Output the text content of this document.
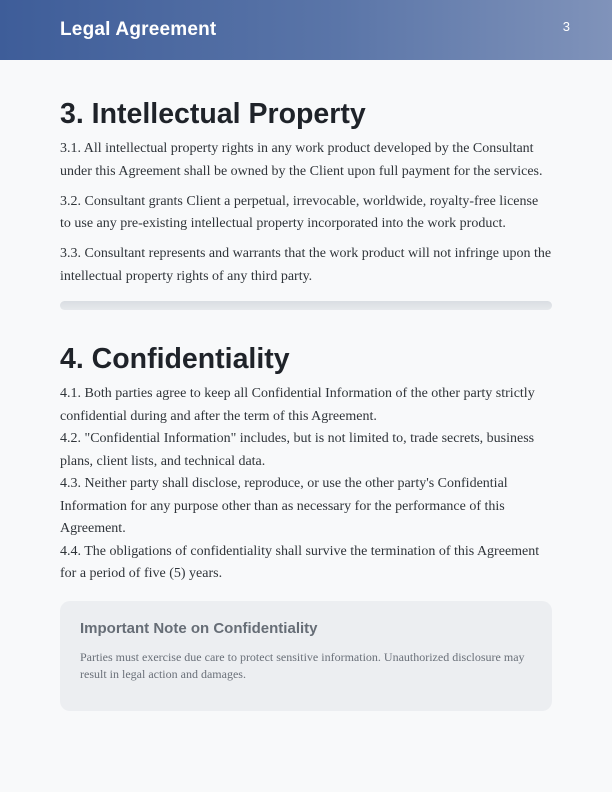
Legal Agreement	3
3. Intellectual Property

3.1. All intellectual property rights in any work product developed by the Consultant under this Agreement shall be owned by the Client upon full payment for the services.

3.2. Consultant grants Client a perpetual, irrevocable, worldwide, royalty-free license to use any pre-existing intellectual property incorporated into the work product.

3.3. Consultant represents and warrants that the work product will not infringe upon the intellectual property rights of any third party.

4. Confidentiality

4.1. Both parties agree to keep all Confidential Information of the other party strictly confidential during and after the term of this Agreement.

4.2. "Confidential Information" includes, but is not limited to, trade secrets, business plans, client lists, and technical data.

4.3. Neither party shall disclose, reproduce, or use the other party's Confidential Information for any purpose other than as necessary for the performance of this Agreement.

4.4. The obligations of confidentiality shall survive the termination of this Agreement for a period of five (5) years.

Important Note on Confidentiality
Parties must exercise due care to protect sensitive information. Unauthorized disclosure may result in legal action and damages.
